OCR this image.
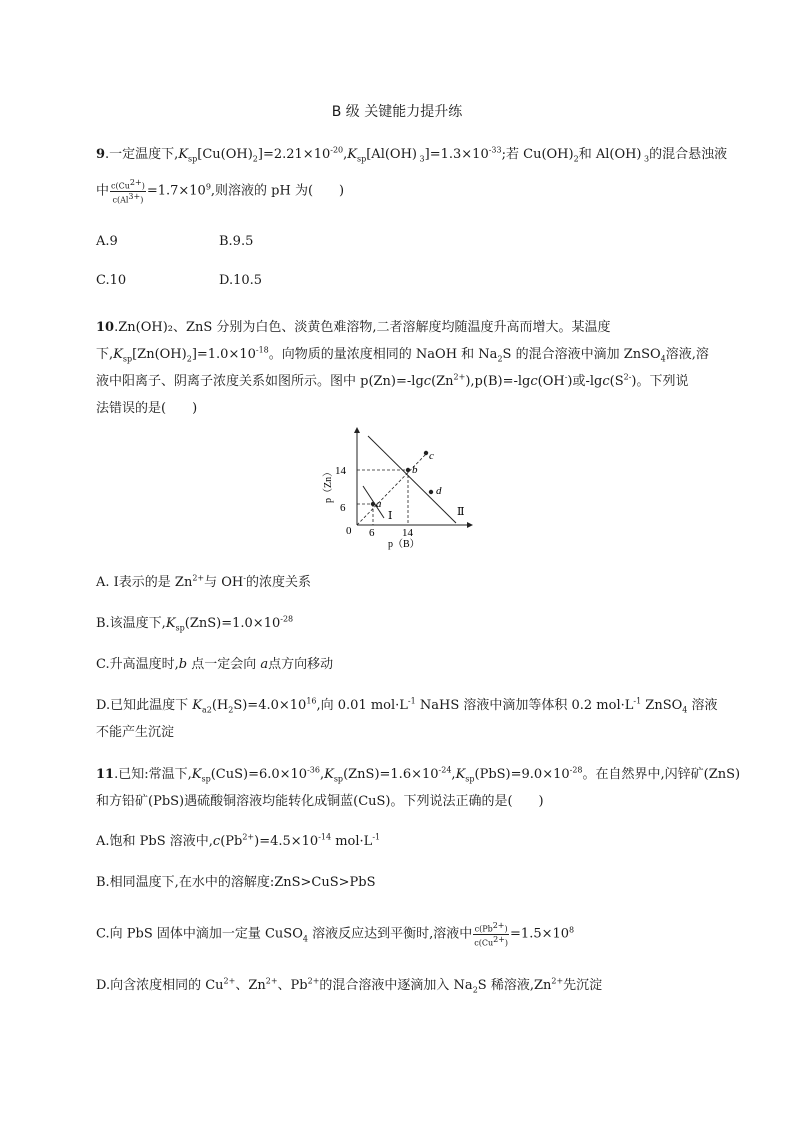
B 级 关键能力提升练
9.一定温度下$,K_{sp}[Cu(OH)_2]=2.21\times 10^{-20},K_{sp}[Al(OH)$ $_3]=1.3\times 10^{-33}$;若 $Cu(OH)_2$和 Al(OH) $_3$的混合悬浊液
中 $\frac{c(Cu^{2+})}{c(Al^{3+})} =1.7\times 10^9$,则溶液的 pH 为(　　)
A.9	B.9.5
C.10	D.10.5
10.Zn(OH)₂、ZnS 分别为白色、淡黄色难溶物,二者溶解度均随温度升高而增大。某温度
下$,K_{sp}[Zn(OH)_2]=1.0\times 10^{-18}$。向物质的量浓度相同的 NaOH 和 $Na_2S$ 的混合溶液中滴加 ZnSO$_4$溶液,溶
液中阳离子、阴离子浓度关系如图所示。图中 $p(Zn)=-\lg c(Zn^{2+}),p(B)=-\lg c(OH^-)$或$-\lg c(S^{2-})$。下列说
法错误的是(　　)
6
14
0 6	14
p（B）
p（Zn）
a
b
c
d
Ⅰ	Ⅱ
A. Ⅰ表示的是 $Zn^{2+}$与 OH-的浓度关系
B.该温度下$,K_{sp}(ZnS)=1.0\times 10^{-28}$
C.升高温度时,b 点一定会向 a点方向移动
D.已知此温度下 $K_{a2}(H_2S)=4.0\times 10^{16}$,向 0.01 $mol\cdot L^{-1}$ NaHS 溶液中滴加等体积 0.2 $mol\cdot L^{-1}$ ZnSO$_4$ 溶液
不能产生沉淀
11.已知:常温下$,K_{sp}(CuS)=6.0\times 10^{-36},K_{sp}(ZnS)=1.6\times 10^{-24},K_{sp}(PbS)=9.0\times 10^{-28}$。在自然界中,闪锌矿(ZnS)
和方铅矿(PbS)遇硫酸铜溶液均能转化成铜蓝(CuS)。下列说法正确的是(　　)
A.饱和 PbS 溶液中$,c(Pb^{2+})=4.5\times 10^{-14}$ $mol\cdot L^{-1}$
B.相同温度下,在水中的溶解度:ZnS>CuS>PbS
C.向 PbS 固体中滴加一定量 CuSO$_4$ 溶液反应达到平衡时,溶液中 $\frac{c(Pb^{2+})}{c(Cu^{2+})} =1.5\times 10^8$
D.向含浓度相同的 $Cu^{2+}$、$Zn^{2+}$、$Pb^{2+}$的混合溶液中逐滴加入 $Na_2S$ 稀溶液$,Zn^{2+}$先沉淀
